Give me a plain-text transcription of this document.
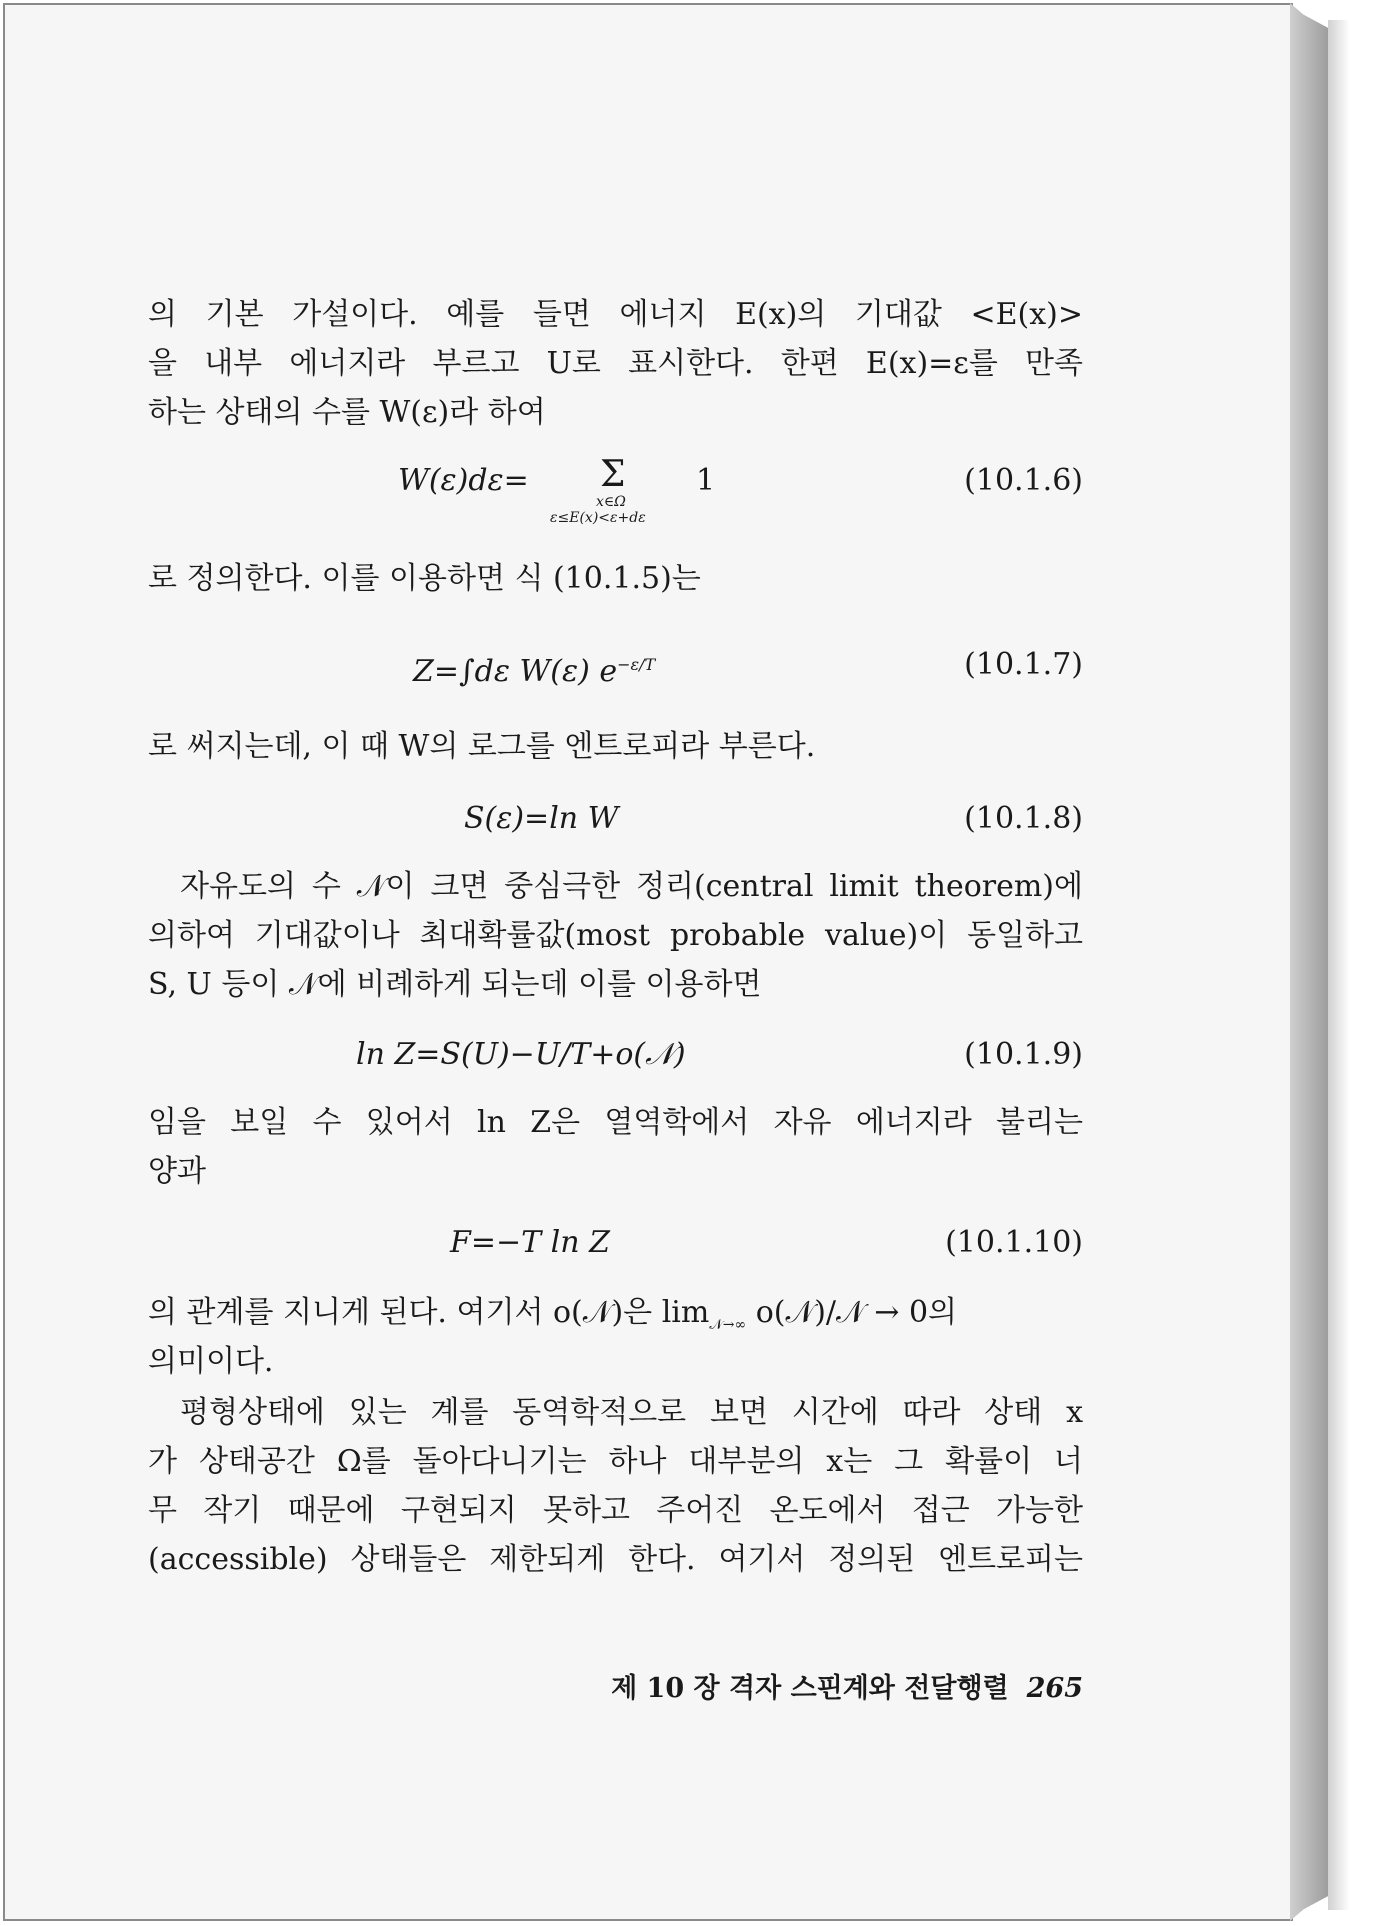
의 기본 가설이다. 예를 들면 에너지 E(x)의 기대값 <E(x)>
을 내부 에너지라 부르고 U로 표시한다. 한편 E(x)=ε를 만족
하는 상태의 수를 W(ε)라 하여
W(ε)dε= Σ
x∈Ω
ε≤E(x)<ε+dε
1	(10.1.6)
로 정의한다. 이를 이용하면 식 (10.1.5)는
Z=∫dε W(ε) $e^{-\varepsilon/T}$	(10.1.7)
로 써지는데, 이 때 W의 로그를 엔트로피라 부른다.
S(ε)=ln W	(10.1.8)
자유도의 수 𝒩이 크면 중심극한 정리(central limit theorem)에
의하여 기대값이나 최대확률값(most probable value)이 동일하고
S, U 등이 𝒩에 비례하게 되는데 이를 이용하면
ln Z=S(U)−U/T+o(𝒩)	(10.1.9)
임을 보일 수 있어서 ln Z은 열역학에서 자유 에너지라 불리는
양과
F=−T ln Z	(10.1.10)
의 관계를 지니게 된다. 여기서 o(𝒩)은 $\lim_{𝒩\to\infty}$ o(𝒩)/𝒩 → 0의
의미이다.
평형상태에 있는 계를 동역학적으로 보면 시간에 따라 상태 x
가 상태공간 Ω를 돌아다니기는 하나 대부분의 x는 그 확률이 너
무 작기 때문에 구현되지 못하고 주어진 온도에서 접근 가능한
(accessible) 상태들은 제한되게 한다. 여기서 정의된 엔트로피는
제 10 장 격자 스핀계와 전달행렬 265
